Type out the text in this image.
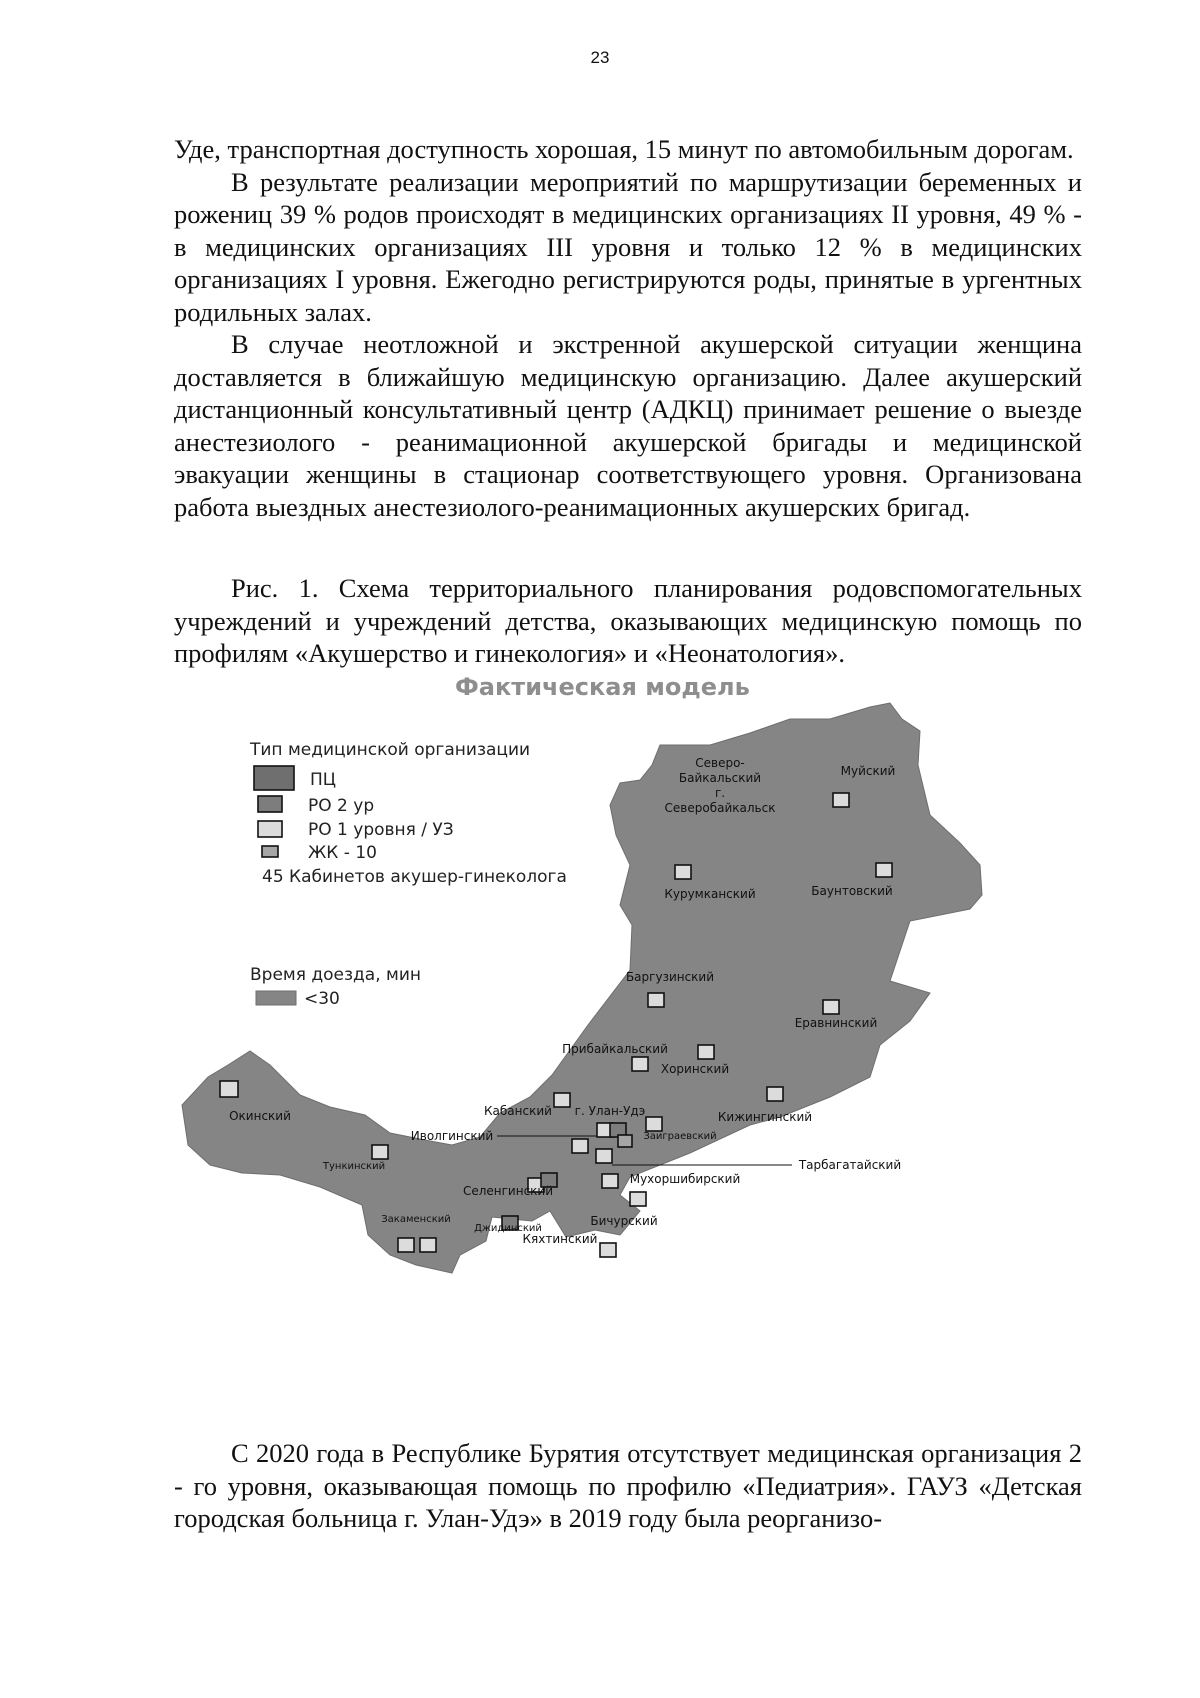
23

Уде, транспортная доступность хорошая, 15 минут по автомобильным дорогам.

В результате реализации мероприятий по маршрутизации беременных и рожениц 39 % родов происходят в медицинских организациях II уровня, 49 % - в медицинских организациях III уровня и только 12 % в медицинских организациях I уровня. Ежегодно регистрируются роды, принятые в ургентных родильных залах.

В случае неотложной и экстренной акушерской ситуации женщина доставляется в ближайшую медицинскую организацию. Далее акушерский дистанционный консультативный центр (АДКЦ) принимает решение о выезде анестезиолого - реанимационной акушерской бригады и медицинской эвакуации женщины в стационар соответствующего уровня. Организована работа выездных анестезиолого-реанимационных акушерских бригад.

Рис. 1. Схема территориального планирования родовспомогательных учреждений и учреждений детства, оказывающих медицинскую помощь по профилям «Акушерство и гинекология» и «Неонатология».

Фактическая модель
Тип медицинской организации
ПЦ
РО 2 ур
РО 1 уровня / УЗ
ЖК - 10
45 Кабинетов акушер-гинеколога
Время доезда, мин
<30
Северо-
Байкальский
г.
Северобайкальск
Муйский
Курумканский	Баунтовский
Баргузинский
Еравнинский
Прибайкальский
Хоринский
Окинский	Кабанский г. Улан-Удэ	Кижингинский
Иволгинский	Заиграевский
Тарбагатайский
Тункинский
Селенгинский
Мухоршибирский
Бичурский
Закаменский
Джидинский
Кяхтинский

С 2020 года в Республике Бурятия отсутствует медицинская организация 2 - го уровня, оказывающая помощь по профилю «Педиатрия». ГАУЗ «Детская городская больница г. Улан-Удэ» в 2019 году была реорганизо-
